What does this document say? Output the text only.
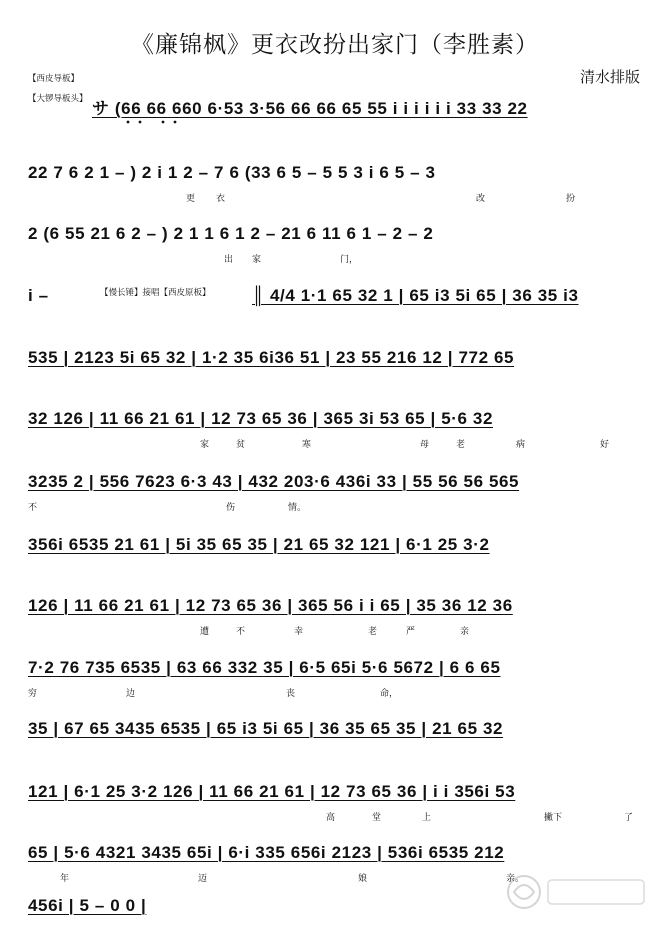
《廉锦枫》更衣改扮出家门（李胜素）
清水排版
【西皮导板】
【大锣导板头】 サ (66 66 660 6·53 3·56 66 66 65 55 i i i i i i 33 33 22
22 7 6 2 1 – ) 2 i 1 2 – 7 6 (33 6 5 – 5 5 3 i 6 5 – 3
更 衣	改	扮
2 (6 55 21 6 2 – ) 2 1 1 6 1 2 – 21 6 11 6 1 – 2 – 2
出 家	门，
i –	【慢长锤】接唱【西皮原板】 ║ 4/4 1·1 65 32 1 | 65 i3 5i 65 | 36 35 i3
535 | 2123 5i 65 32 | 1·2 35 6i36 51 | 23 55 216 12 | 772 65
32 126 | 11 66 21 61 | 12 73 65 36 | 365 3i 53 65 | 5·6 32
家	贫	寒	母	老	病	好
3235 2 | 556 7623 6·3 43 | 432 203·6 436i 33 | 55 56 56 565
不	伤	情。
356i 6535 21 61 | 5i 35 65 35 | 21 65 32 121 | 6·1 25 3·2
126 | 11 66 21 61 | 12 73 65 36 | 365 56 i i 65 | 35 36 12 36
遭	不	幸	老	严	亲
7·2 76 735 6535 | 63 66 332 35 | 6·5 65i 5·6 5672 | 6 6 65
穷	边	丧	命，
35 | 67 65 3435 6535 | 65 i3 5i 65 | 36 35 65 35 | 21 65 32
121 | 6·1 25 3·2 126 | 11 66 21 61 | 12 73 65 36 | i i 356i 53
高	堂	上	撇下	了
65 | 5·6 4321 3435 65i | 6·i 335 656i 2123 | 536i 6535 212
年	迈	娘	亲。
456i | 5 – 0 0 |
